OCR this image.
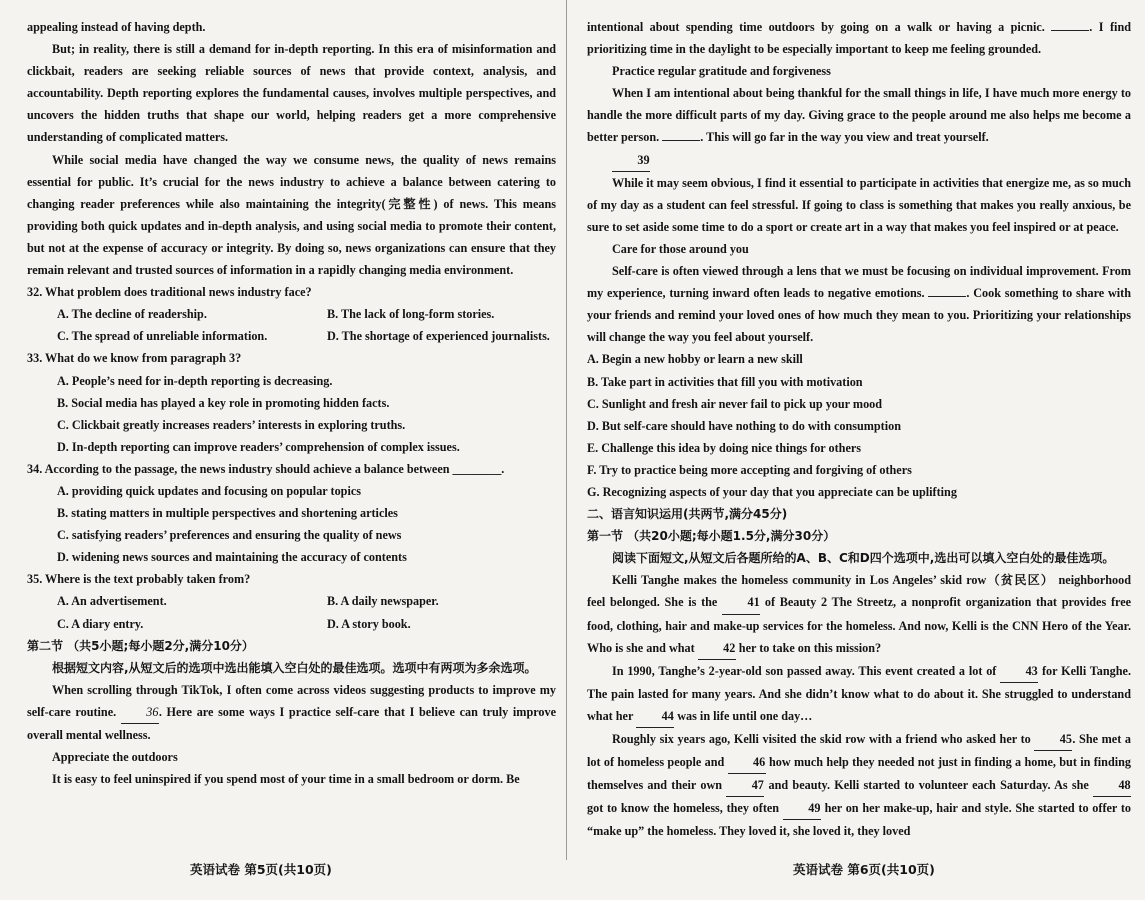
appealing instead of having depth.

But; in reality, there is still a demand for in-depth reporting. In this era of misinformation and clickbait, readers are seeking reliable sources of news that provide context, analysis, and accountability. Depth reporting explores the fundamental causes, involves multiple perspectives, and uncovers the hidden truths that shape our world, helping readers get a more comprehensive understanding of complicated matters.

While social media have changed the way we consume news, the quality of news remains essential for public. It’s crucial for the news industry to achieve a balance between catering to changing reader preferences while also maintaining the integrity(完整性) of news. This means providing both quick updates and in-depth analysis, and using social media to promote their content, but not at the expense of accuracy or integrity. By doing so, news organizations can ensure that they remain relevant and trusted sources of information in a rapidly changing media environment.

32. What problem does traditional news industry face?

A. The decline of readership.	B. The lack of long-form stories.
C. The spread of unreliable information.	D. The shortage of experienced journalists.

33. What do we know from paragraph 3?

A. People’s need for in-depth reporting is decreasing.

B. Social media has played a key role in promoting hidden facts.

C. Clickbait greatly increases readers’ interests in exploring truths.

D. In-depth reporting can improve readers’ comprehension of complex issues.

34. According to the passage, the news industry should achieve a balance between ________.

A. providing quick updates and focusing on popular topics

B. stating matters in multiple perspectives and shortening articles

C. satisfying readers’ preferences and ensuring the quality of news

D. widening news sources and maintaining the accuracy of contents

35. Where is the text probably taken from?

A. An advertisement.	B. A daily newspaper.
C. A diary entry.	D. A story book.

第二节 （共5小题;每小题2分,满分10分）

根据短文内容,从短文后的选项中选出能填入空白处的最佳选项。选项中有两项为多余选项。

When scrolling through TikTok, I often come across videos suggesting products to improve my self-care routine. 36. Here are some ways I practice self-care that I believe can truly improve overall mental wellness.

Appreciate the outdoors

It is easy to feel uninspired if you spend most of your time in a small bedroom or dorm. Be

intentional about spending time outdoors by going on a walk or having a picnic.	. I find prioritizing time in the daylight to be especially important to keep me feeling grounded.

Practice regular gratitude and forgiveness

When I am intentional about being thankful for the small things in life, I have much more energy to handle the more difficult parts of my day. Giving grace to the people around me also helps me become a better person.	. This will go far in the way you view and treat yourself.

39

While it may seem obvious, I find it essential to participate in activities that energize me, as so much of my day as a student can feel stressful. If going to class is something that makes you really anxious, be sure to set aside some time to do a sport or create art in a way that makes you feel inspired or at peace.

Care for those around you

Self-care is often viewed through a lens that we must be focusing on individual improvement. From my experience, turning inward often leads to negative emotions.	. Cook something to share with your friends and remind your loved ones of how much they mean to you. Prioritizing your relationships will change the way you feel about yourself.

A. Begin a new hobby or learn a new skill

B. Take part in activities that fill you with motivation

C. Sunlight and fresh air never fail to pick up your mood

D. But self-care should have nothing to do with consumption

E. Challenge this idea by doing nice things for others

F. Try to practice being more accepting and forgiving of others

G. Recognizing aspects of your day that you appreciate can be uplifting

二、语言知识运用(共两节,满分45分)

第一节 （共20小题;每小题1.5分,满分30分）

阅读下面短文,从短文后各题所给的A、B、C和D四个选项中,选出可以填入空白处的最佳选项。

Kelli Tanghe makes the homeless community in Los Angeles’ skid row（贫民区） neighborhood feel belonged. She is the 41 of Beauty 2 The Streetz, a nonprofit organization that provides free food, clothing, hair and make-up services for the homeless. And now, Kelli is the CNN Hero of the Year. Who is she and what 42 her to take on this mission?

In 1990, Tanghe’s 2-year-old son passed away. This event created a lot of 43 for Kelli Tanghe. The pain lasted for many years. And she didn’t know what to do about it. She struggled to understand what her 44 was in life until one day…

Roughly six years ago, Kelli visited the skid row with a friend who asked her to 45. She met a lot of homeless people and 46 how much help they needed not just in finding a home, but in finding themselves and their own 47 and beauty. Kelli started to volunteer each Saturday. As she 48 got to know the homeless, they often 49 her on her make-up, hair and style. She started to offer to “make up” the homeless. They loved it, she loved it, they loved

英语试卷 第5页(共10页)	英语试卷 第6页(共10页)
